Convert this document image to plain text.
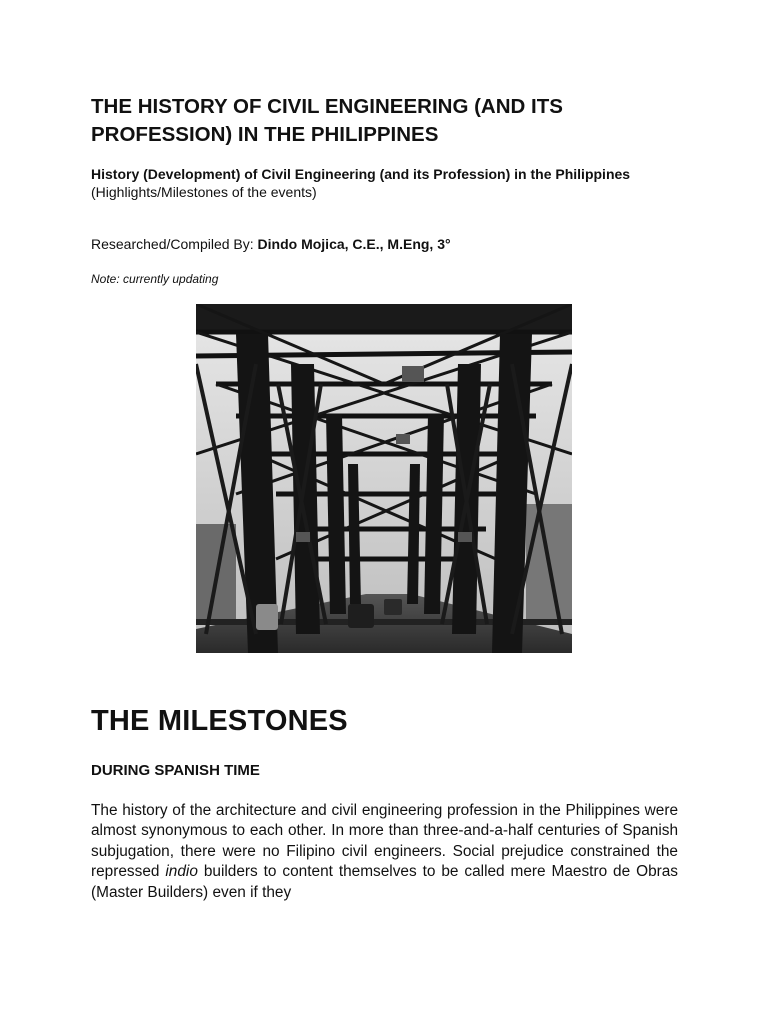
THE HISTORY OF CIVIL ENGINEERING (AND ITS PROFESSION) IN THE PHILIPPINES

History (Development) of Civil Engineering (and its Profession) in the Philippines
(Highlights/Milestones of the events)

Researched/Compiled By: Dindo Mojica, C.E., M.Eng, 3°

Note: currently updating

THE MILESTONES
DURING SPANISH TIME

The history of the architecture and civil engineering profession in the Philippines were almost synonymous to each other. In more than three-and-a-half centuries of Spanish subjugation, there were no Filipino civil engineers. Social prejudice constrained the repressed indio builders to content themselves to be called mere Maestro de Obras (Master Builders) even if they
